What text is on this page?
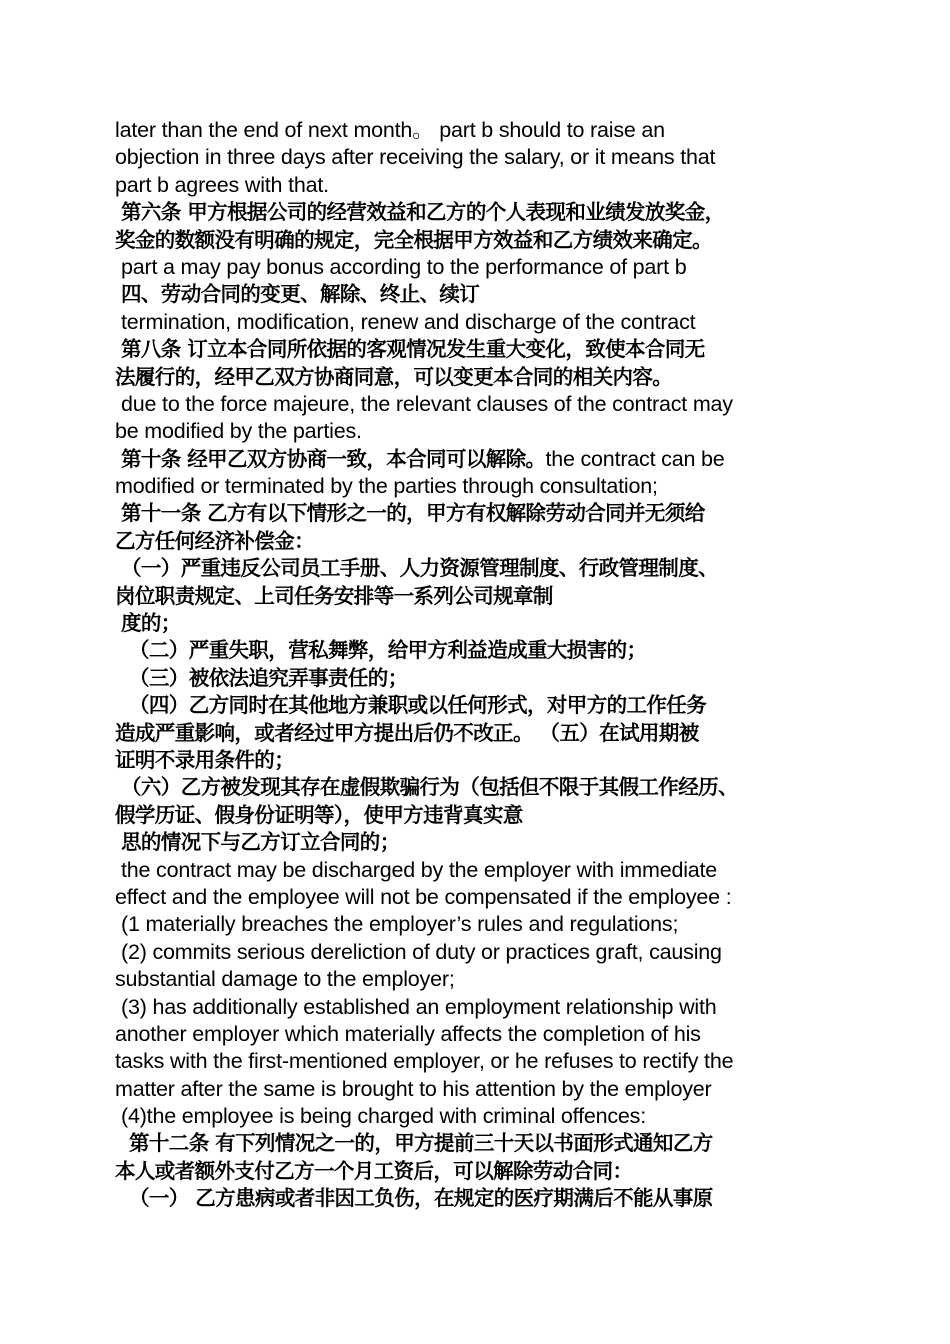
later than the end of next month。 part b should to raise an
objection in three days after receiving the salary, or it means that
part b agrees with that.
第六条 甲方根据公司的经营效益和乙方的个人表现和业绩发放奖金，
奖金的数额没有明确的规定，完全根据甲方效益和乙方绩效来确定。
part a may pay bonus according to the performance of part b
四、劳动合同的变更、解除、终止、续订
termination, modification, renew and discharge of the contract
第八条 订立本合同所依据的客观情况发生重大变化，致使本合同无
法履行的，经甲乙双方协商同意，可以变更本合同的相关内容。
due to the force majeure, the relevant clauses of the contract may
be modified by the parties.
第十条 经甲乙双方协商一致，本合同可以解除。the contract can be
modified or terminated by the parties through consultation;
第十一条 乙方有以下情形之一的，甲方有权解除劳动合同并无须给
乙方任何经济补偿金：
（一）严重违反公司员工手册、人力资源管理制度、行政管理制度、
岗位职责规定、上司任务安排等一系列公司规章制
度的；
（二）严重失职，营私舞弊，给甲方利益造成重大损害的；
（三）被依法追究弄事责任的；
（四）乙方同时在其他地方兼职或以任何形式，对甲方的工作任务
造成严重影响，或者经过甲方提出后仍不改正。 （五）在试用期被
证明不录用条件的；
（六）乙方被发现其存在虚假欺骗行为（包括但不限于其假工作经历、
假学历证、假身份证明等），使甲方违背真实意
思的情况下与乙方订立合同的；
the contract may be discharged by the employer with immediate
effect and the employee will not be compensated if the employee :
(1 materially breaches the employer’s rules and regulations;
(2) commits serious dereliction of duty or practices graft, causing
substantial damage to the employer;
(3) has additionally established an employment relationship with
another employer which materially affects the completion of his
tasks with the first-mentioned employer, or he refuses to rectify the
matter after the same is brought to his attention by the employer
(4)the employee is being charged with criminal offences:
第十二条 有下列情况之一的，甲方提前三十天以书面形式通知乙方
本人或者额外支付乙方一个月工资后，可以解除劳动合同：
（一） 乙方患病或者非因工负伤，在规定的医疗期满后不能从事原
